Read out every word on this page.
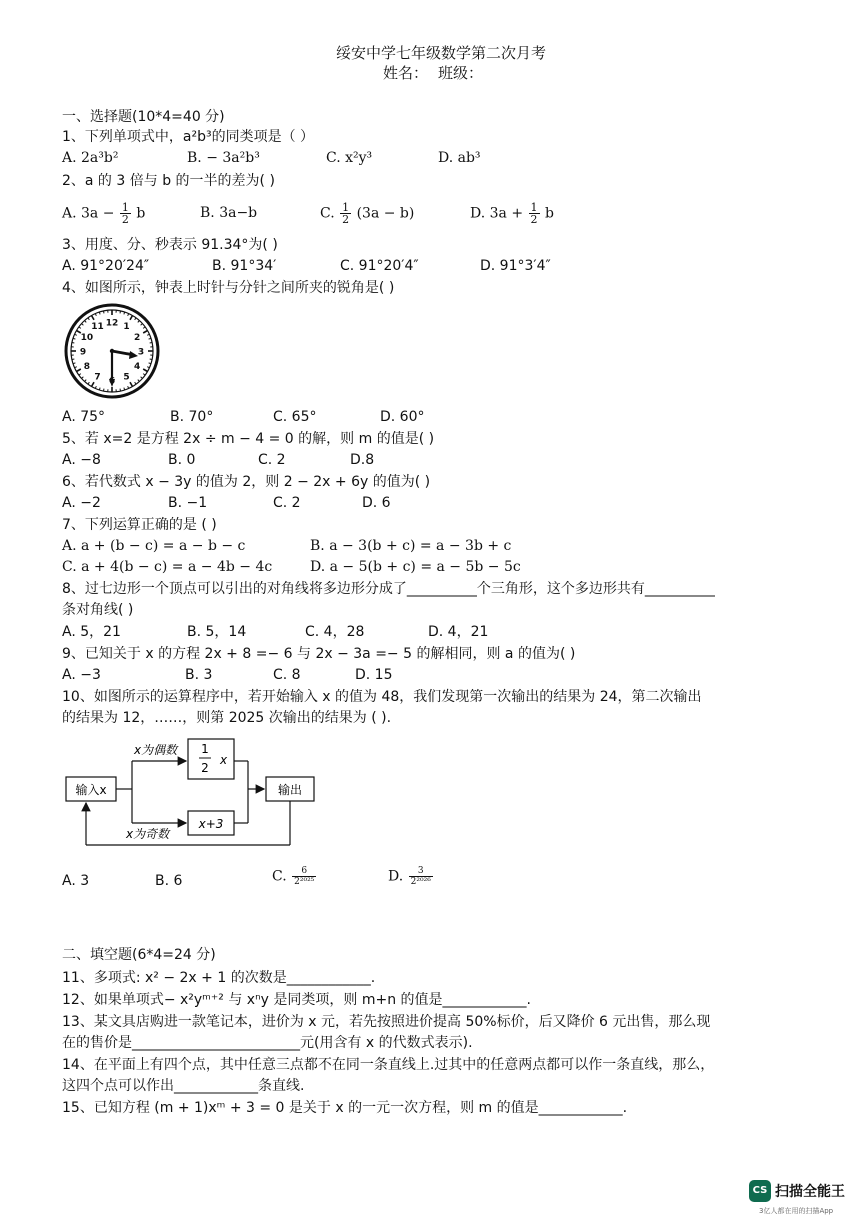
绥安中学七年级数学第二次月考
姓名： 班级：
一、选择题(10*4=40 分)
1、下列单项式中，a²b³的同类项是（ ）
A. 2a³b²	B. − 3a²b³	C. x²y³	D. ab³
2、a 的 3 倍与 b 的一半的差为( )
A. $3a - \frac{1}{2}$ b	B. 3a−b	C. $\frac{1}{2} (3a - b)$	D. $3a + \frac{1}{2}$ b
3、用度、分、秒表示 91.34°为( )
A. 91°20′24″	B. 91°34′	C. 91°20′4″	D. 91°3′4″
4、如图所示，钟表上时针与分针之间所夹的锐角是( )
12 1
2
3
4
5
7
8
9
10
11
A. 75°	B. 70°	C. 65°	D. 60°
5、若 x=2 是方程 2x ÷ m − 4 = 0 的解，则 m 的值是( )
A. −8	B. 0	C. 2	D.8
6、若代数式 x − 3y 的值为 2，则 2 − 2x + 6y 的值为( )
A. −2	B. −1	C. 2	D. 6
7、下列运算正确的是 ( )
A. a + (b − c) = a − b − c	B. a − 3(b + c) = a − 3b + c
C. a + 4(b − c) = a − 4b − 4c	D. a − 5(b + c) = a − 5b − 5c
8、过七边形一个顶点可以引出的对角线将多边形分成了__________个三角形，这个多边形共有__________
条对角线( )
A. 5，21	B. 5，14	C. 4，28	D. 4，21
9、已知关于 x 的方程 2x + 8 =− 6 与 2x − 3a =− 5 的解相同，则 a 的值为( )
A. −3	B. 3	C. 8	D. 15
10、如图所示的运算程序中，若开始输入 x 的值为 48，我们发现第一次输出的结果为 24，第二次输出
的结果为 12，……，则第 2025 次输出的结果为 ( ).
输入x
x为偶数 1
2
x
x为奇数
x+3
输出
A. 3	B. 6	C. $\frac{6}{\text{2²⁰²⁵}}$	D. $\frac{3}{\text{2²⁰²⁶}}$
二、填空题(6*4=24 分)
11、多项式: x² − 2x + 1 的次数是____________.
12、如果单项式− x²yᵐ⁺² 与 xⁿy 是同类项，则 m+n 的值是____________.
13、某文具店购进一款笔记本，进价为 x 元，若先按照进价提高 50%标价，后又降价 6 元出售，那么现
在的售价是________________________元(用含有 x 的代数式表示).
14、在平面上有四个点，其中任意三点都不在同一条直线上.过其中的任意两点都可以作一条直线，那么，
这四个点可以作出____________条直线.
15、已知方程 (m + 1)xᵐ + 3 = 0 是关于 x 的一元一次方程，则 m 的值是____________.
CS 扫描全能王
3亿人都在用的扫描App
